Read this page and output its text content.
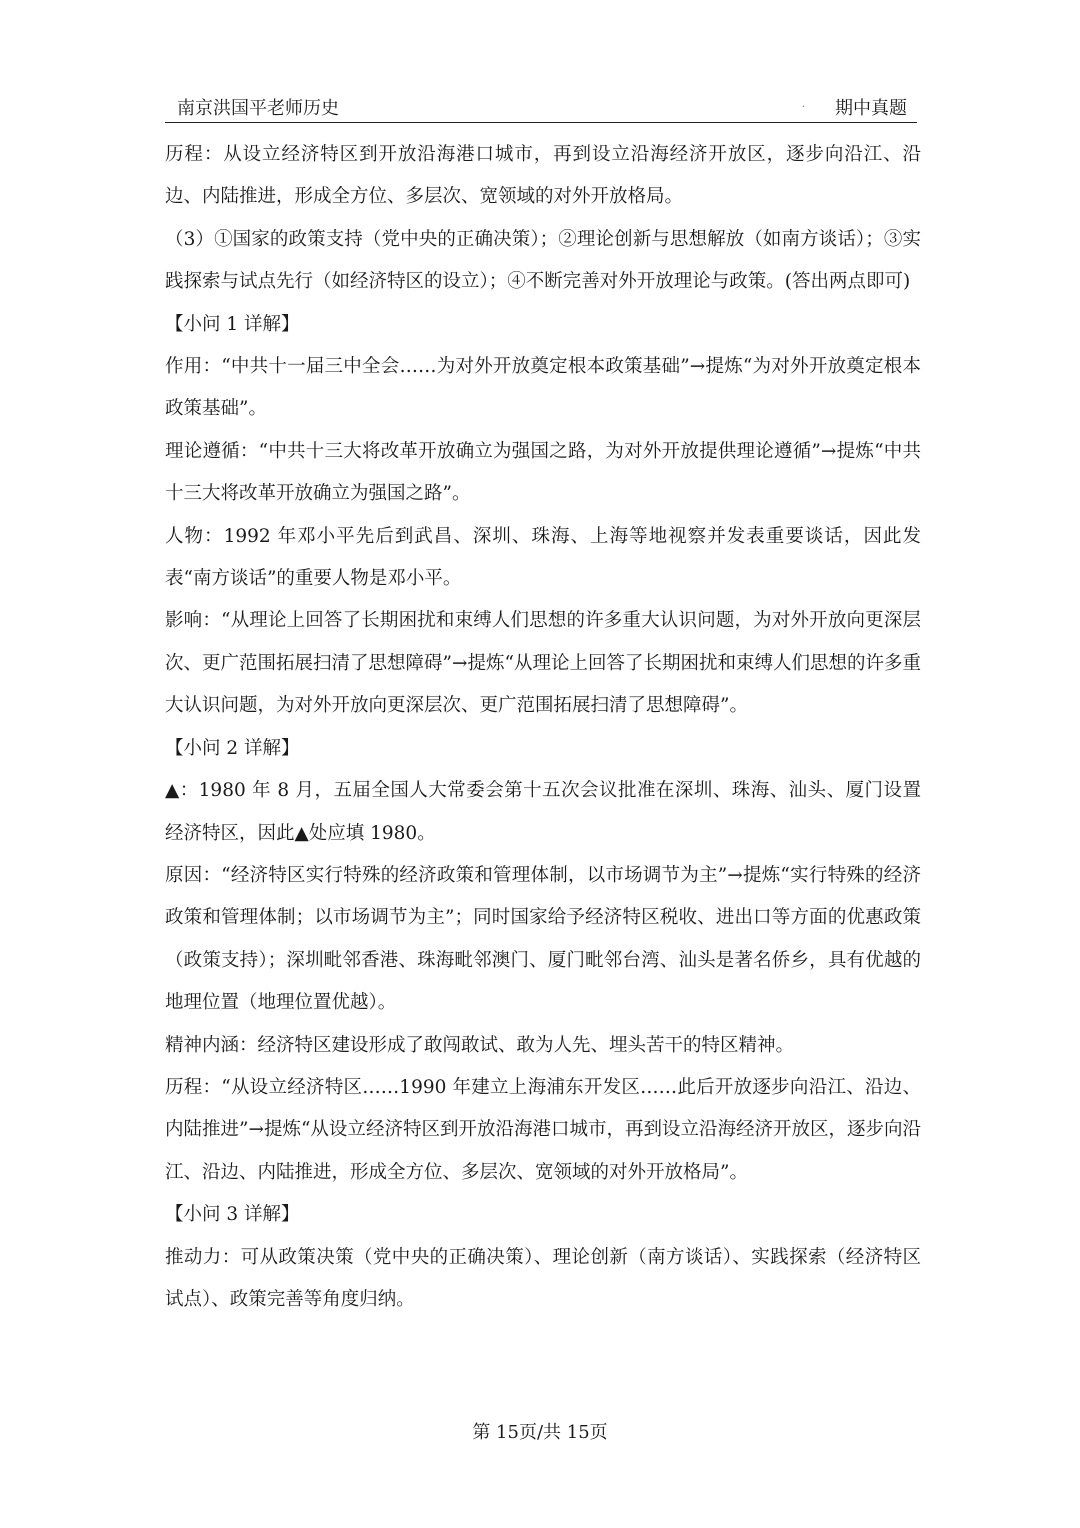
南京洪国平老师历史	. 期中真题

历程：从设立经济特区到开放沿海港口城市，再到设立沿海经济开放区，逐步向沿江、沿边、内陆推进，形成全方位、多层次、宽领域的对外开放格局。

（3）①国家的政策支持（党中央的正确决策）；②理论创新与思想解放（如南方谈话）；③实践探索与试点先行（如经济特区的设立）；④不断完善对外开放理论与政策。(答出两点即可)

【小问 1 详解】

作用：“中共十一届三中全会……为对外开放奠定根本政策基础”→提炼“为对外开放奠定根本政策基础”。

理论遵循：“中共十三大将改革开放确立为强国之路，为对外开放提供理论遵循”→提炼“中共十三大将改革开放确立为强国之路”。

人物：1992 年邓小平先后到武昌、深圳、珠海、上海等地视察并发表重要谈话，因此发表“南方谈话”的重要人物是邓小平。

影响：“从理论上回答了长期困扰和束缚人们思想的许多重大认识问题，为对外开放向更深层次、更广范围拓展扫清了思想障碍”→提炼“从理论上回答了长期困扰和束缚人们思想的许多重大认识问题，为对外开放向更深层次、更广范围拓展扫清了思想障碍”。

【小问 2 详解】

▲：1980 年 8 月，五届全国人大常委会第十五次会议批准在深圳、珠海、汕头、厦门设置经济特区，因此▲处应填 1980。

原因：“经济特区实行特殊的经济政策和管理体制，以市场调节为主”→提炼“实行特殊的经济政策和管理体制；以市场调节为主”；同时国家给予经济特区税收、进出口等方面的优惠政策（政策支持）；深圳毗邻香港、珠海毗邻澳门、厦门毗邻台湾、汕头是著名侨乡，具有优越的地理位置（地理位置优越）。

精神内涵：经济特区建设形成了敢闯敢试、敢为人先、埋头苦干的特区精神。

历程：“从设立经济特区……1990 年建立上海浦东开发区……此后开放逐步向沿江、沿边、内陆推进”→提炼“从设立经济特区到开放沿海港口城市，再到设立沿海经济开放区，逐步向沿江、沿边、内陆推进，形成全方位、多层次、宽领域的对外开放格局”。

【小问 3 详解】

推动力：可从政策决策（党中央的正确决策）、理论创新（南方谈话）、实践探索（经济特区试点）、政策完善等角度归纳。

第 15页/共 15页
